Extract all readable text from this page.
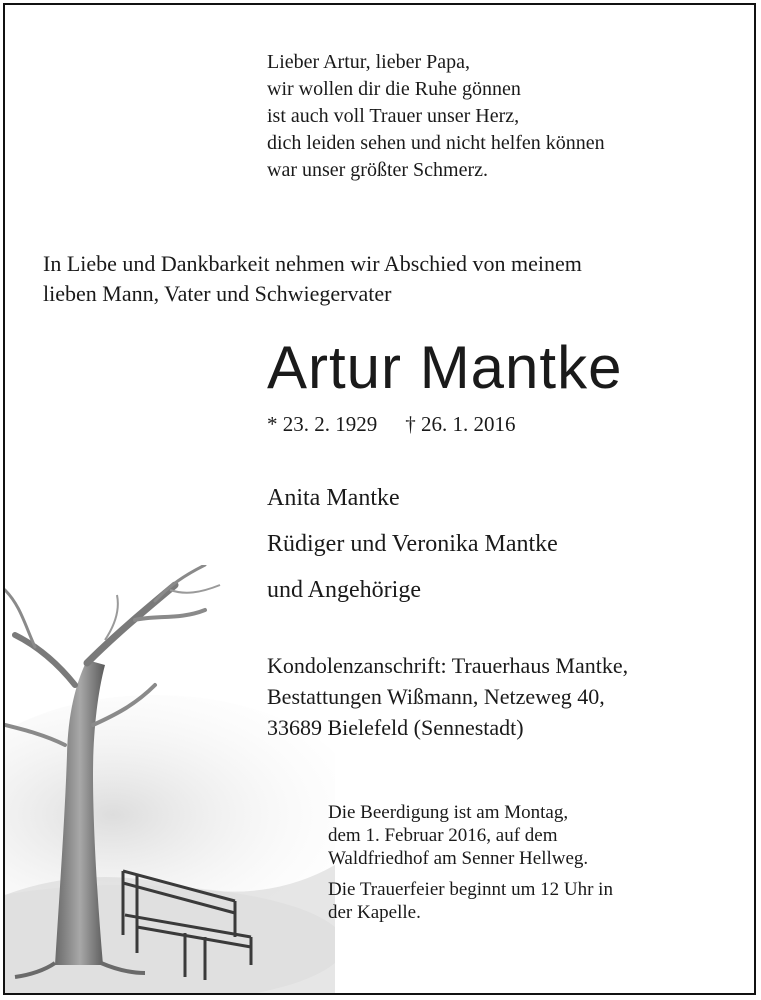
Lieber Artur, lieber Papa,
wir wollen dir die Ruhe gönnen
ist auch voll Trauer unser Herz,
dich leiden sehen und nicht helfen können
war unser größter Schmerz.
In Liebe und Dankbarkeit nehmen wir Abschied von meinem
lieben Mann, Vater und Schwiegervater
Artur Mantke
* 23. 2. 1929 † 26. 1. 2016
Anita Mantke
Rüdiger und Veronika Mantke
und Angehörige
Kondolenzanschrift: Trauerhaus Mantke,
Bestattungen Wißmann, Netzeweg 40,
33689 Bielefeld (Sennestadt)
Die Beerdigung ist am Montag,
dem 1. Februar 2016, auf dem
Waldfriedhof am Senner Hellweg.
Die Trauerfeier beginnt um 12 Uhr in
der Kapelle.
